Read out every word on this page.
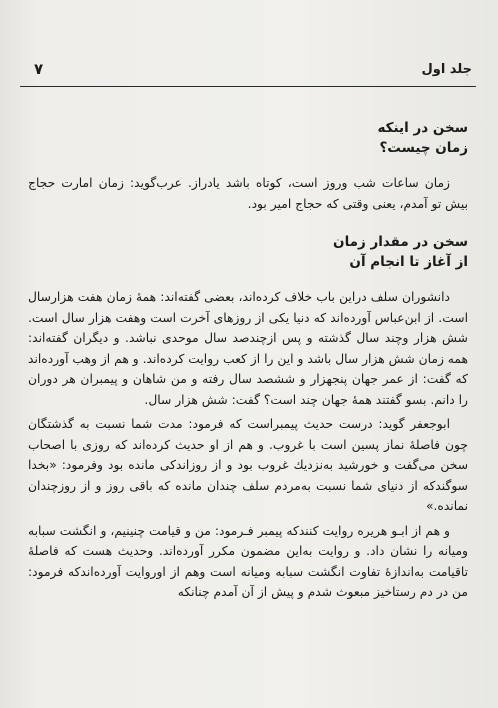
جلد اول
۷
سخن در اینکه
زمان چیست؟

زمان ساعات شب وروز است، کوتاه باشد یادراز. عرب‌گوید: زمان امارت حجاج بیش تو آمدم، یعنی وقتی که حجاج امیر بود.

سخن در مقدار زمان
از آغاز تا انجام آن

دانشوران سلف دراین باب خلاف کرده‌اند، بعضی گفته‌اند: همهٔ زمان هفت هزارسال است. از ابن‌عباس آورده‌اند که دنیا یکی از روزهای آخرت است وهفت هزار سال است. شش هزار وچند سال گذشته و پس ازچندصد سال موحدی نباشد. و دیگران گفته‌اند: همه زمان شش هزار سال باشد و این را از کعب روایت کرده‌اند. و هم از وهب آورده‌اند که گفت: از عمر جهان پنجهزار و ششصد سال رفته و من شاهان و پیمبران هر دوران را دانم. بسو گفتند همهٔ جهان چند است؟ گفت: شش هزار سال.

ابوجعفر گوید: درست حدیث پیمبراست که فرمود: مدت شما نسبت به گذشتگان چون فاصلهٔ نماز پسین است با غروب. و هم از او حدیث کرده‌اند که روزی با اصحاب سخن می‌گفت و خورشید به‌نزدیك غروب بود و از روزاندکی مانده بود وفرمود: «بخدا سوگندکه از دنیای شما نسبت به‌مردم سلف چندان مانده که باقی روز و از روزچندان نمانده.»

و هم از ابـو هریره روایت کنندکه پیمبر فـرمود: من و قیامت چنینیم، و انگشت سبابه ومیانه را نشان داد. و روایت به‌این مضمون مکرر آورده‌اند. وحدیث هست که فاصلهٔ تاقیامت به‌اندازهٔ تفاوت انگشت سبابه ومیانه است وهم از اوروایت آورده‌اندکه فرمود: من در دم رستاخیز مبعوث شدم و پیش از آن آمدم چنانکه
